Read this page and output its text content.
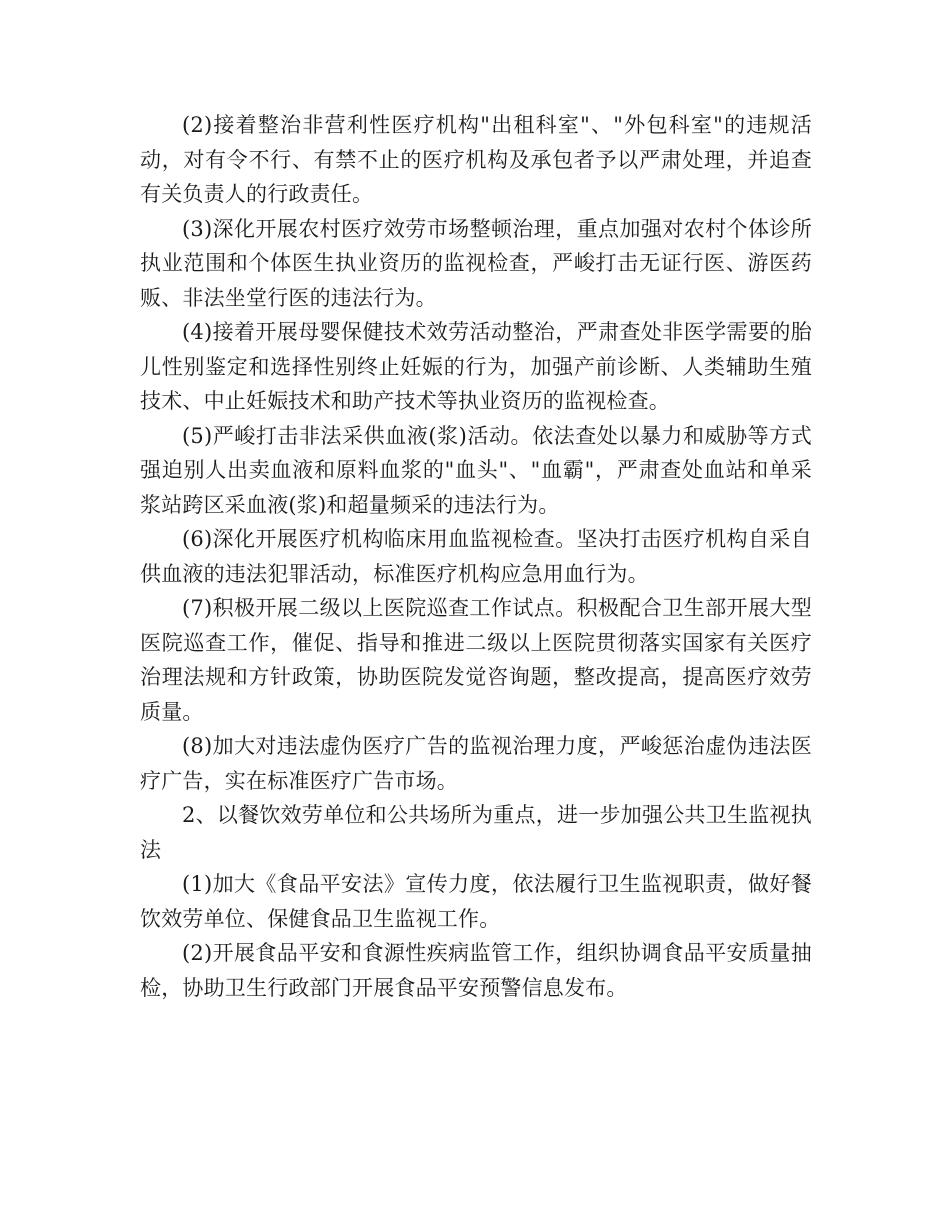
(2)接着整治非营利性医疗机构"出租科室"、"外包科室"的违规活动，对有令不行、有禁不止的医疗机构及承包者予以严肃处理，并追查有关负责人的行政责任。

(3)深化开展农村医疗效劳市场整顿治理，重点加强对农村个体诊所执业范围和个体医生执业资历的监视检查，严峻打击无证行医、游医药贩、非法坐堂行医的违法行为。

(4)接着开展母婴保健技术效劳活动整治，严肃查处非医学需要的胎儿性别鉴定和选择性别终止妊娠的行为，加强产前诊断、人类辅助生殖技术、中止妊娠技术和助产技术等执业资历的监视检查。

(5)严峻打击非法采供血液(浆)活动。依法查处以暴力和威胁等方式强迫别人出卖血液和原料血浆的"血头"、"血霸"，严肃查处血站和单采浆站跨区采血液(浆)和超量频采的违法行为。

(6)深化开展医疗机构临床用血监视检查。坚决打击医疗机构自采自供血液的违法犯罪活动，标准医疗机构应急用血行为。

(7)积极开展二级以上医院巡查工作试点。积极配合卫生部开展大型医院巡查工作，催促、指导和推进二级以上医院贯彻落实国家有关医疗治理法规和方针政策，协助医院发觉咨询题，整改提高，提高医疗效劳质量。

(8)加大对违法虚伪医疗广告的监视治理力度，严峻惩治虚伪违法医疗广告，实在标准医疗广告市场。

2、以餐饮效劳单位和公共场所为重点，进一步加强公共卫生监视执法

(1)加大《食品平安法》宣传力度，依法履行卫生监视职责，做好餐饮效劳单位、保健食品卫生监视工作。

(2)开展食品平安和食源性疾病监管工作，组织协调食品平安质量抽检，协助卫生行政部门开展食品平安预警信息发布。
